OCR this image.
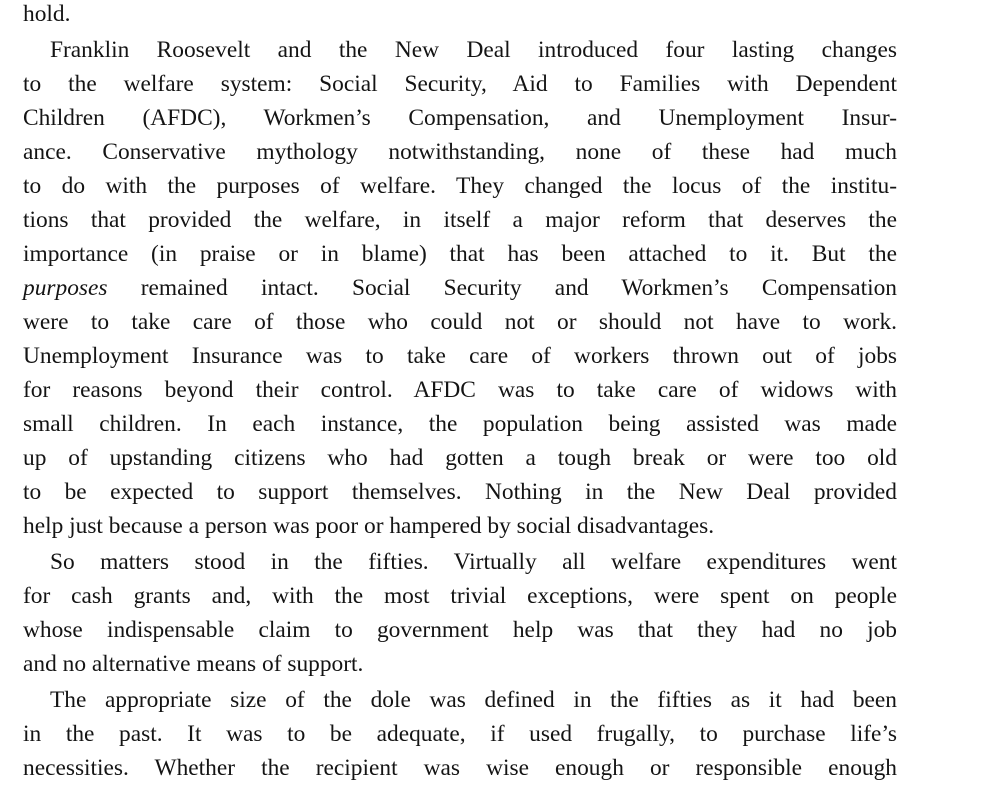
hold.
Franklin Roosevelt and the New Deal introduced four lasting changes
to the welfare system: Social Security, Aid to Families with Dependent
Children (AFDC), Workmen’s Compensation, and Unemployment Insur-
ance. Conservative mythology notwithstanding, none of these had much
to do with the purposes of welfare. They changed the locus of the institu-
tions that provided the welfare, in itself a major reform that deserves the
importance (in praise or in blame) that has been attached to it. But the
purposes remained intact. Social Security and Workmen’s Compensation
were to take care of those who could not or should not have to work.
Unemployment Insurance was to take care of workers thrown out of jobs
for reasons beyond their control. AFDC was to take care of widows with
small children. In each instance, the population being assisted was made
up of upstanding citizens who had gotten a tough break or were too old
to be expected to support themselves. Nothing in the New Deal provided
help just because a person was poor or hampered by social disadvantages.
So matters stood in the fifties. Virtually all welfare expenditures went
for cash grants and, with the most trivial exceptions, were spent on people
whose indispensable claim to government help was that they had no job
and no alternative means of support.
The appropriate size of the dole was defined in the fifties as it had been
in the past. It was to be adequate, if used frugally, to purchase life’s
necessities. Whether the recipient was wise enough or responsible enough
